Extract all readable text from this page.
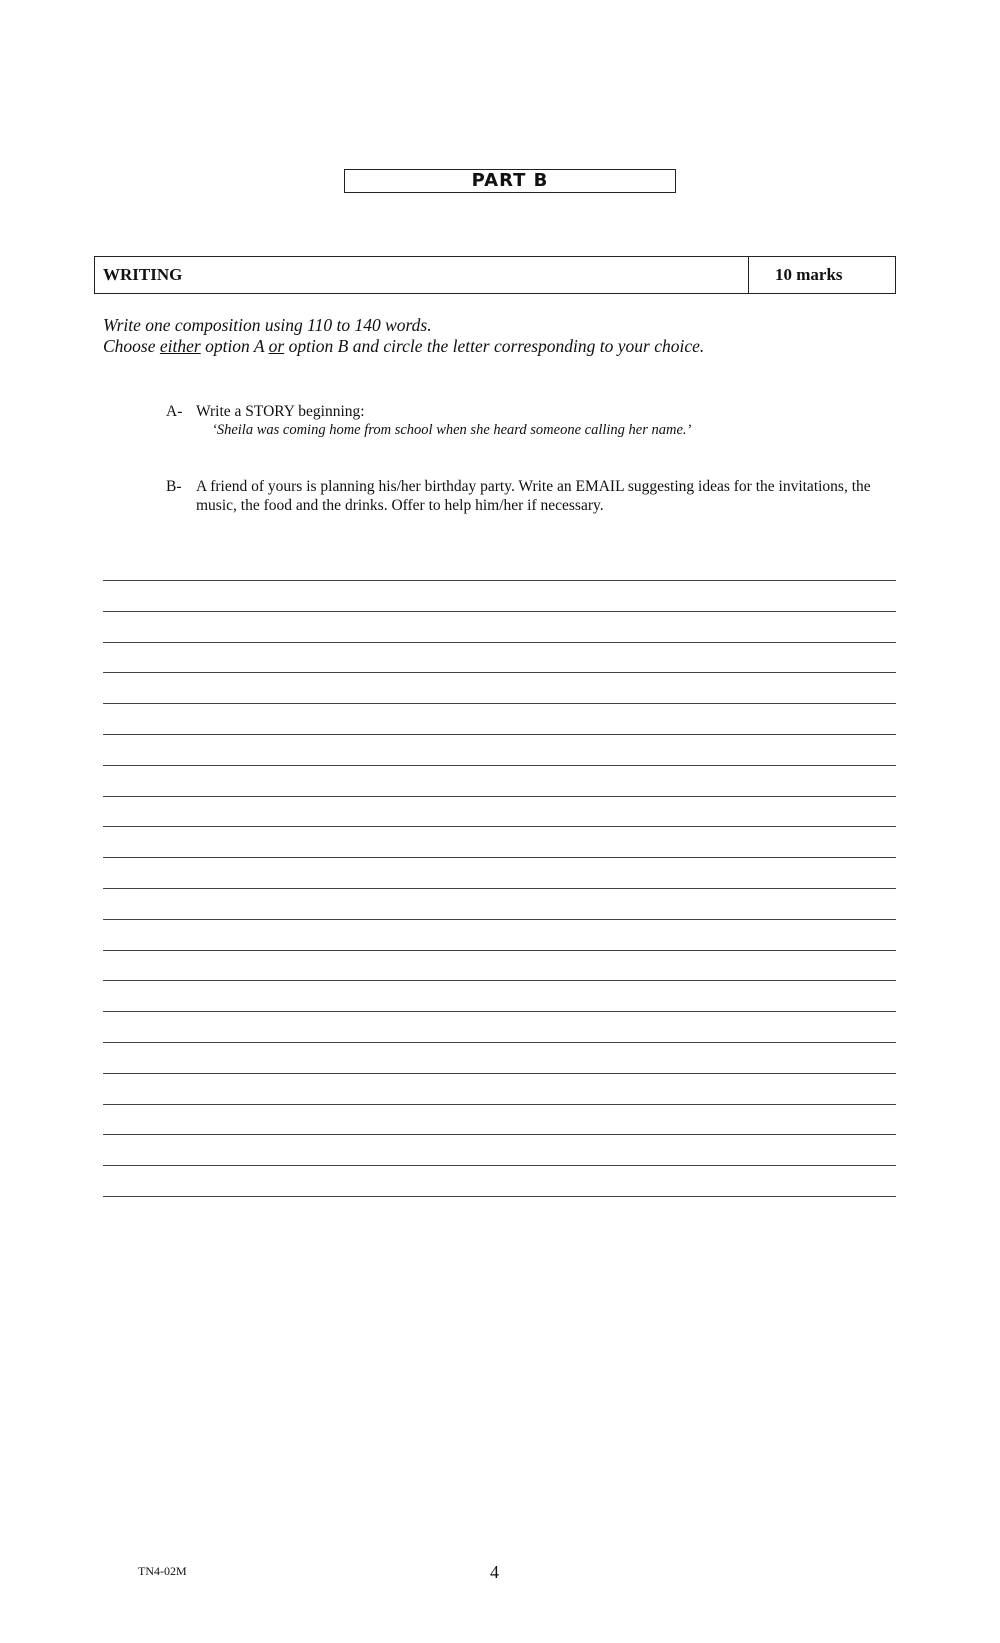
PART B
WRITING	10 marks
Write one composition using 110 to 140 words.
Choose either option A or option B and circle the letter corresponding to your choice.
A- Write a STORY beginning:
‘Sheila was coming home from school when she heard someone calling her name.’
B- A friend of yours is planning his/her birthday party. Write an EMAIL suggesting ideas for the invitations, the music, the food and the drinks. Offer to help him/her if necessary.
TN4-02M	4
